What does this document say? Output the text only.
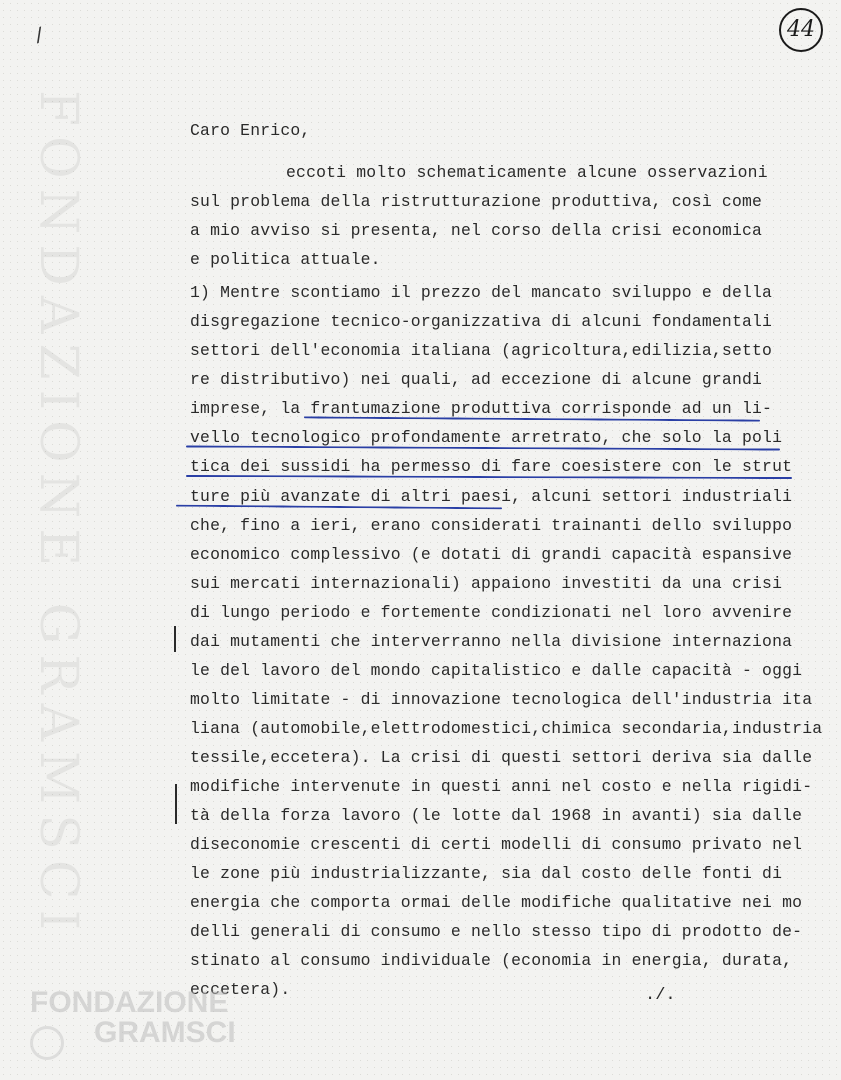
FONDAZIONE GRAMSCI
/	44

Caro Enrico,

eccoti molto schematicamente alcune osservazioni

sul problema della ristrutturazione produttiva, così come

a mio avviso si presenta, nel corso della crisi economica

e politica attuale.

1) Mentre scontiamo il prezzo del mancato sviluppo e della

disgregazione tecnico-organizzativa di alcuni fondamentali

settori dell'economia italiana (agricoltura,edilizia,setto

re distributivo) nei quali, ad eccezione di alcune grandi

imprese, la frantumazione produttiva corrisponde ad un li-

vello tecnologico profondamente arretrato, che solo la poli

tica dei sussidi ha permesso di fare coesistere con le strut

ture più avanzate di altri paesi, alcuni settori industriali

che, fino a ieri, erano considerati trainanti dello sviluppo

economico complessivo (e dotati di grandi capacità espansive

sui mercati internazionali) appaiono investiti da una crisi

di lungo periodo e fortemente condizionati nel loro avvenire

dai mutamenti che interverranno nella divisione internaziona

le del lavoro del mondo capitalistico e dalle capacità - oggi

molto limitate - di innovazione tecnologica dell'industria ita

liana (automobile,elettrodomestici,chimica secondaria,industria

tessile,eccetera). La crisi di questi settori deriva sia dalle

modifiche intervenute in questi anni nel costo e nella rigidi-

tà della forza lavoro (le lotte dal 1968 in avanti) sia dalle

diseconomie crescenti di certi modelli di consumo privato nel

le zone più industrializzante, sia dal costo delle fonti di

energia che comporta ormai delle modifiche qualitative nei mo

delli generali di consumo e nello stesso tipo di prodotto de-

stinato al consumo individuale (economia in energia, durata,

eccetera).

	./.
FONDAZIONE
GRAMSCI
